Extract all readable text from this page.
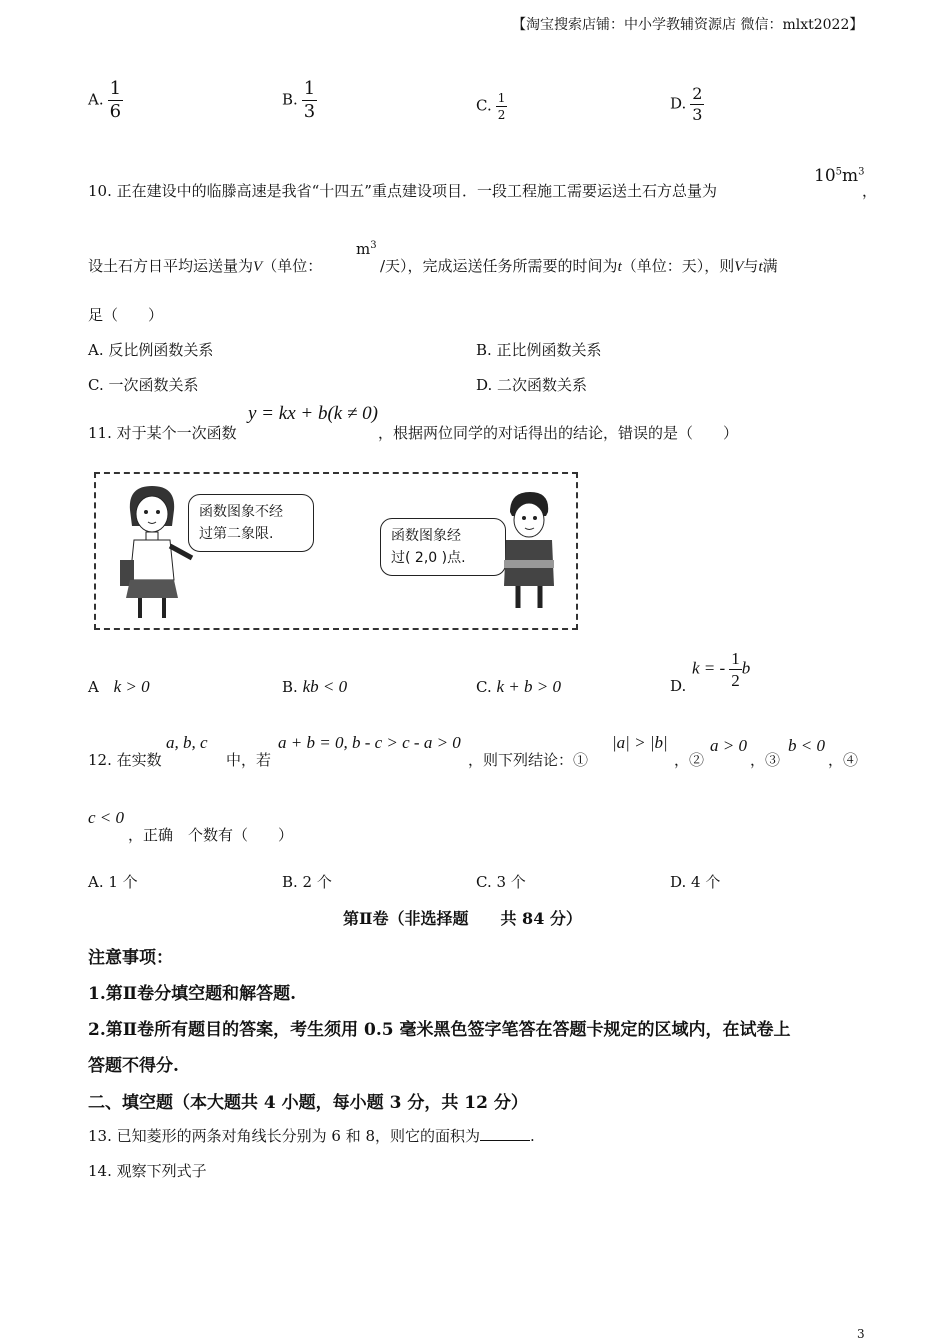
【淘宝搜索店铺：中小学教辅资源店 微信：mlxt2022】
A. $\frac{1}{6}$	B. $\frac{1}{3}$	C. $\frac{1}{2}$	D. $\frac{2}{3}$
10. 正在建设中的临滕高速是我省“十四五”重点建设项目．一段工程施工需要运送土石方总量为
$10^5m^3$
，
设土石方日平均运送量为V（单位：
$m^3$
/天），完成运送任务所需要的时间为t（单位：天），则V与t满
足（　　）
A. 反比例函数关系	B. 正比例函数关系
C. 一次函数关系	D. 二次函数关系
11. 对于某个一次函数
y = kx + b(k ≠ 0)
，根据两位同学的对话得出的结论，错误的是（　　）
函数图象不经
过第二象限.	函数图象经
过( 2,0 )点.
A k > 0	B. kb < 0	C. k + b > 0	D.
k = - $\frac{1}{2}$ b
12. 在实数
a, b, c
中，若
a + b = 0, b - c > c - a > 0
，则下列结论：①
|a| > |b|
，②
a > 0
，③
b < 0
，④
c < 0
，正确　个数有（　　）
A. 1 个	B. 2 个	C. 3 个	D. 4 个
第Ⅱ卷（非选择题　　共 84 分）
注意事项：
1.第Ⅱ卷分填空题和解答题.
2.第Ⅱ卷所有题目的答案，考生须用 0.5 毫米黑色签字笔答在答题卡规定的区域内，在试卷上
答题不得分.
二、填空题（本大题共 4 小题，每小题 3 分，共 12 分）
13. 已知菱形的两条对角线长分别为 6 和 8，则它的面积为	.
14. 观察下列式子
3
